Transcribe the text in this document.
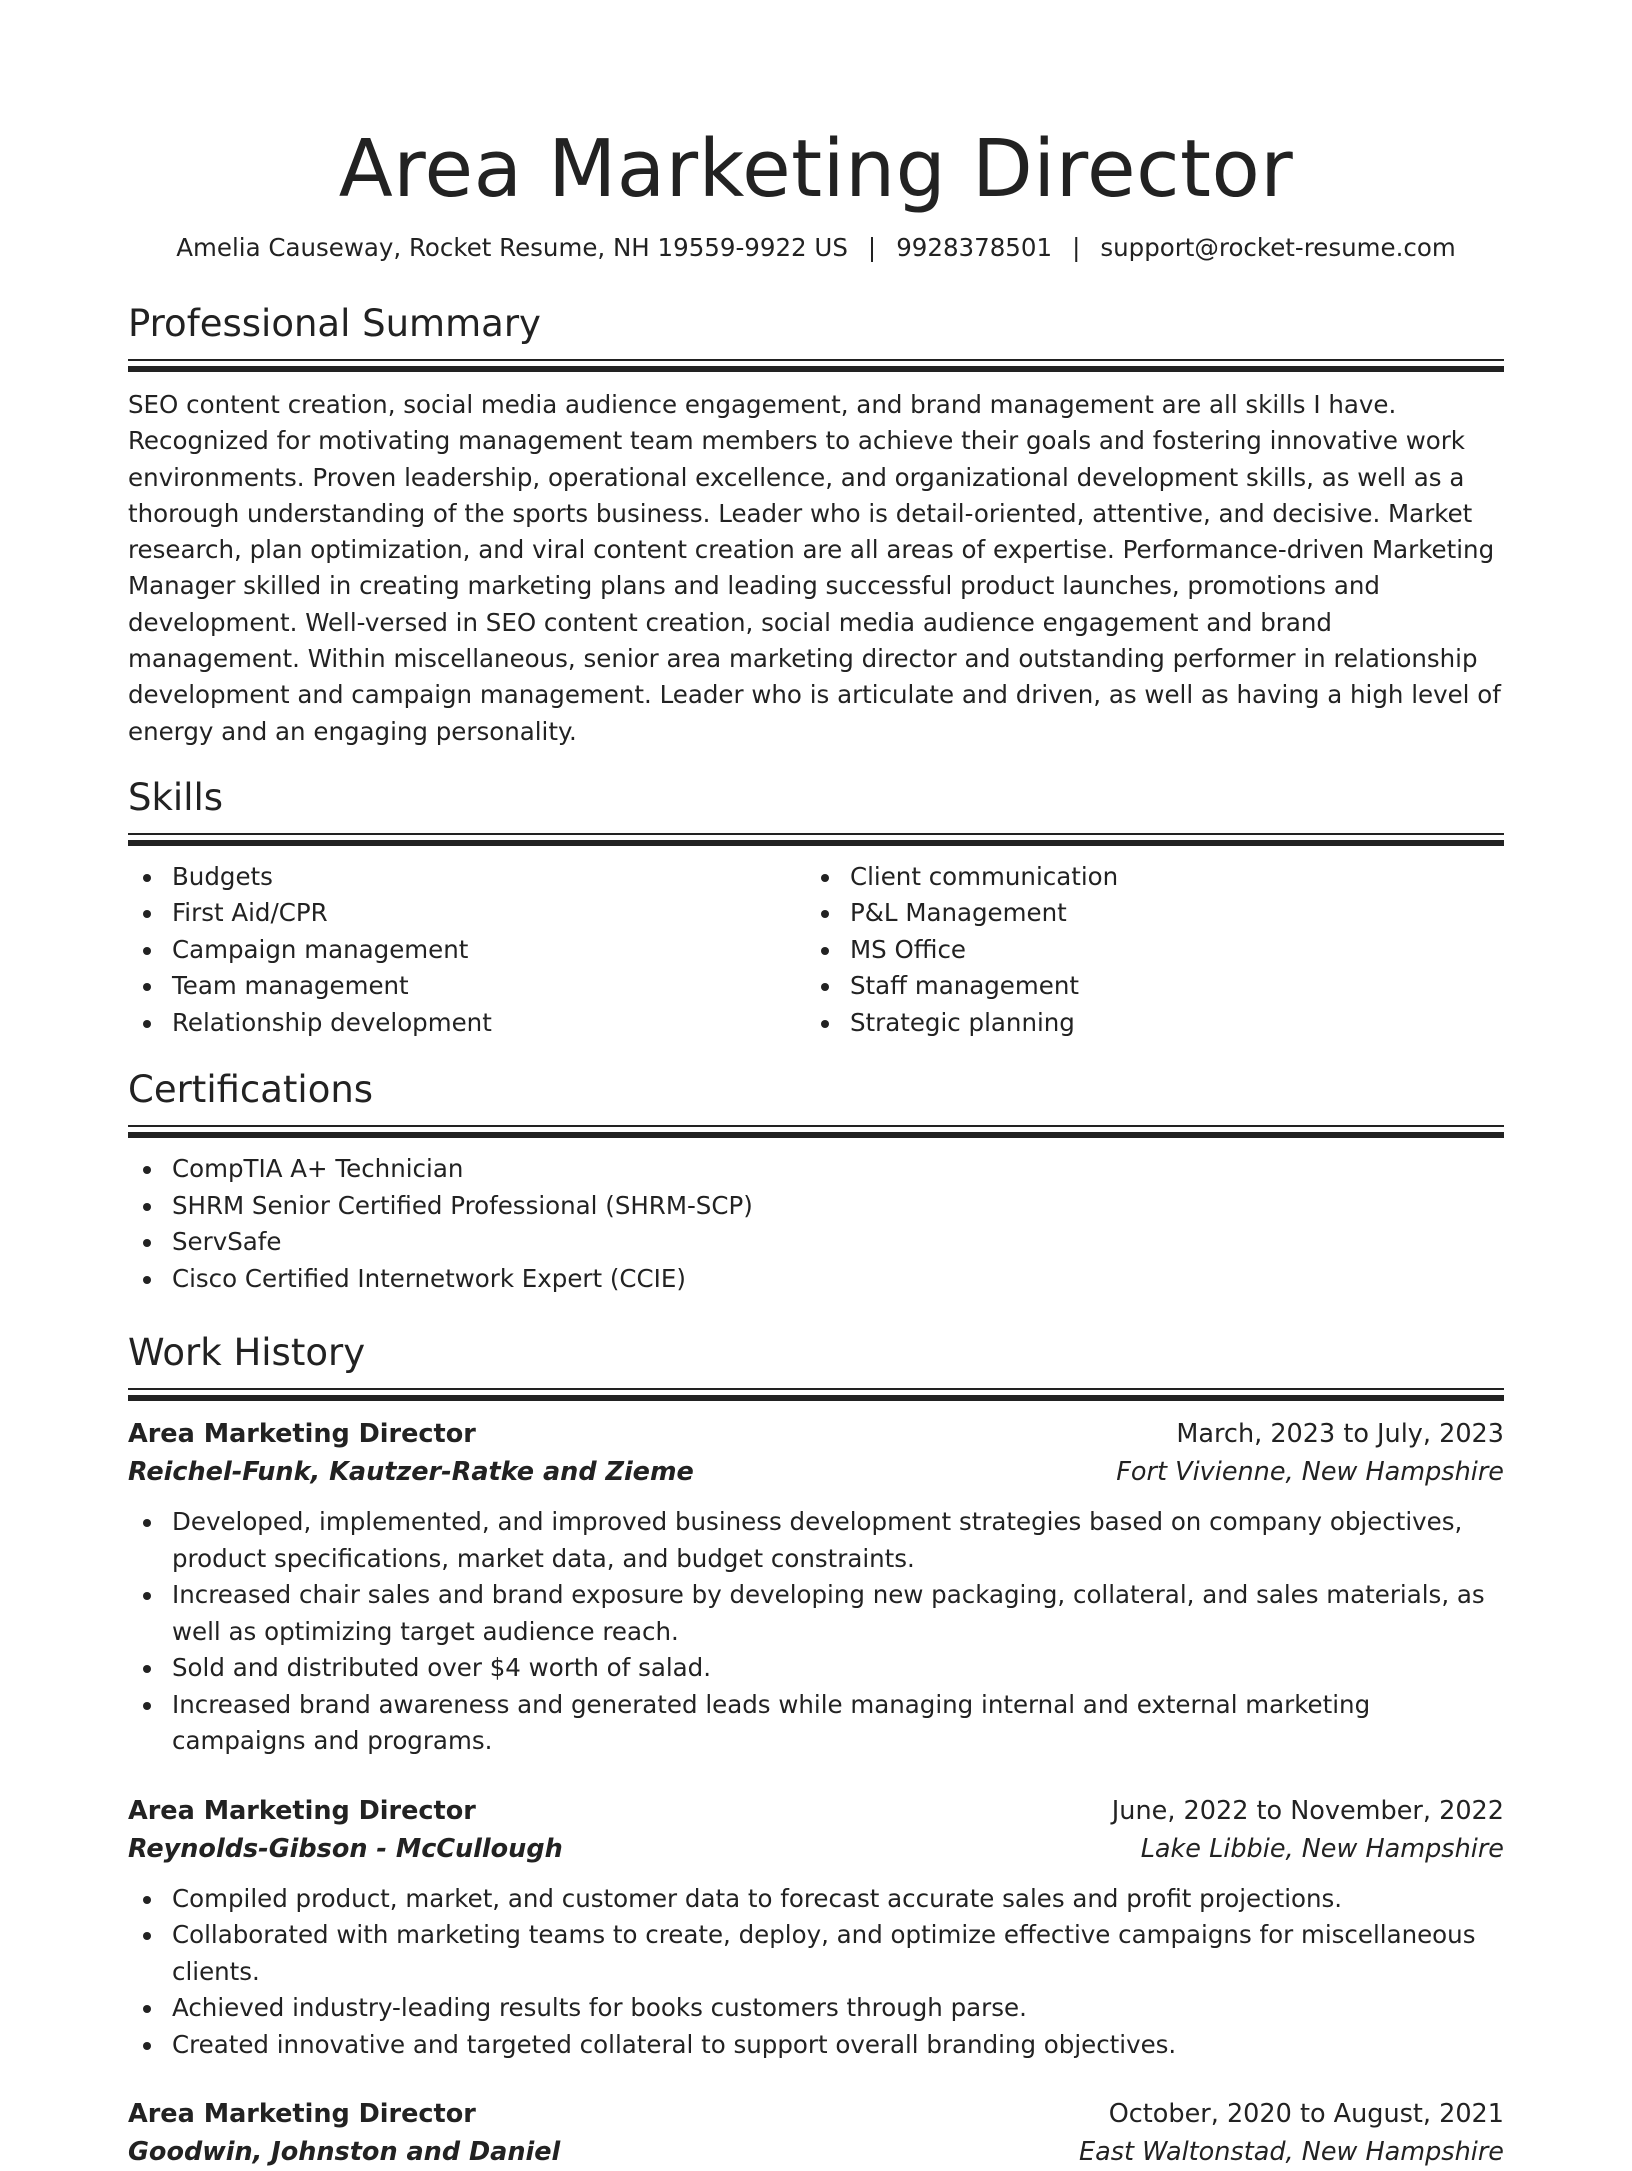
Area Marketing Director
Amelia Causeway, Rocket Resume, NH 19559-9922 US | 9928378501 | support@rocket-resume.com
Professional Summary

SEO content creation, social media audience engagement, and brand management are all skills I have. Recognized for motivating management team members to achieve their goals and fostering innovative work environments. Proven leadership, operational excellence, and organizational development skills, as well as a thorough understanding of the sports business. Leader who is detail-oriented, attentive, and decisive. Market research, plan optimization, and viral content creation are all areas of expertise. Performance-driven Marketing Manager skilled in creating marketing plans and leading successful product launches, promotions and development. Well-versed in SEO content creation, social media audience engagement and brand management. Within miscellaneous, senior area marketing director and outstanding performer in relationship development and campaign management. Leader who is articulate and driven, as well as having a high level of energy and an engaging personality.

Skills
Budgets
First Aid/CPR
Campaign management
Team management
Relationship development
Client communication
P&L Management
MS Office
Staff management
Strategic planning
Certifications
CompTIA A+ Technician
SHRM Senior Certified Professional (SHRM-SCP)
ServSafe
Cisco Certified Internetwork Expert (CCIE)
Work History
Area Marketing Director	March, 2023 to July, 2023
Reichel-Funk, Kautzer-Ratke and Zieme	Fort Vivienne, New Hampshire
Developed, implemented, and improved business development strategies based on company objectives, product specifications, market data, and budget constraints.
Increased chair sales and brand exposure by developing new packaging, collateral, and sales materials, as well as optimizing target audience reach.
Sold and distributed over $4 worth of salad.
Increased brand awareness and generated leads while managing internal and external marketing campaigns and programs.
Area Marketing Director	June, 2022 to November, 2022
Reynolds-Gibson - McCullough	Lake Libbie, New Hampshire
Compiled product, market, and customer data to forecast accurate sales and profit projections.
Collaborated with marketing teams to create, deploy, and optimize effective campaigns for miscellaneous clients.
Achieved industry-leading results for books customers through parse.
Created innovative and targeted collateral to support overall branding objectives.
Area Marketing Director	October, 2020 to August, 2021
Goodwin, Johnston and Daniel	East Waltonstad, New Hampshire
